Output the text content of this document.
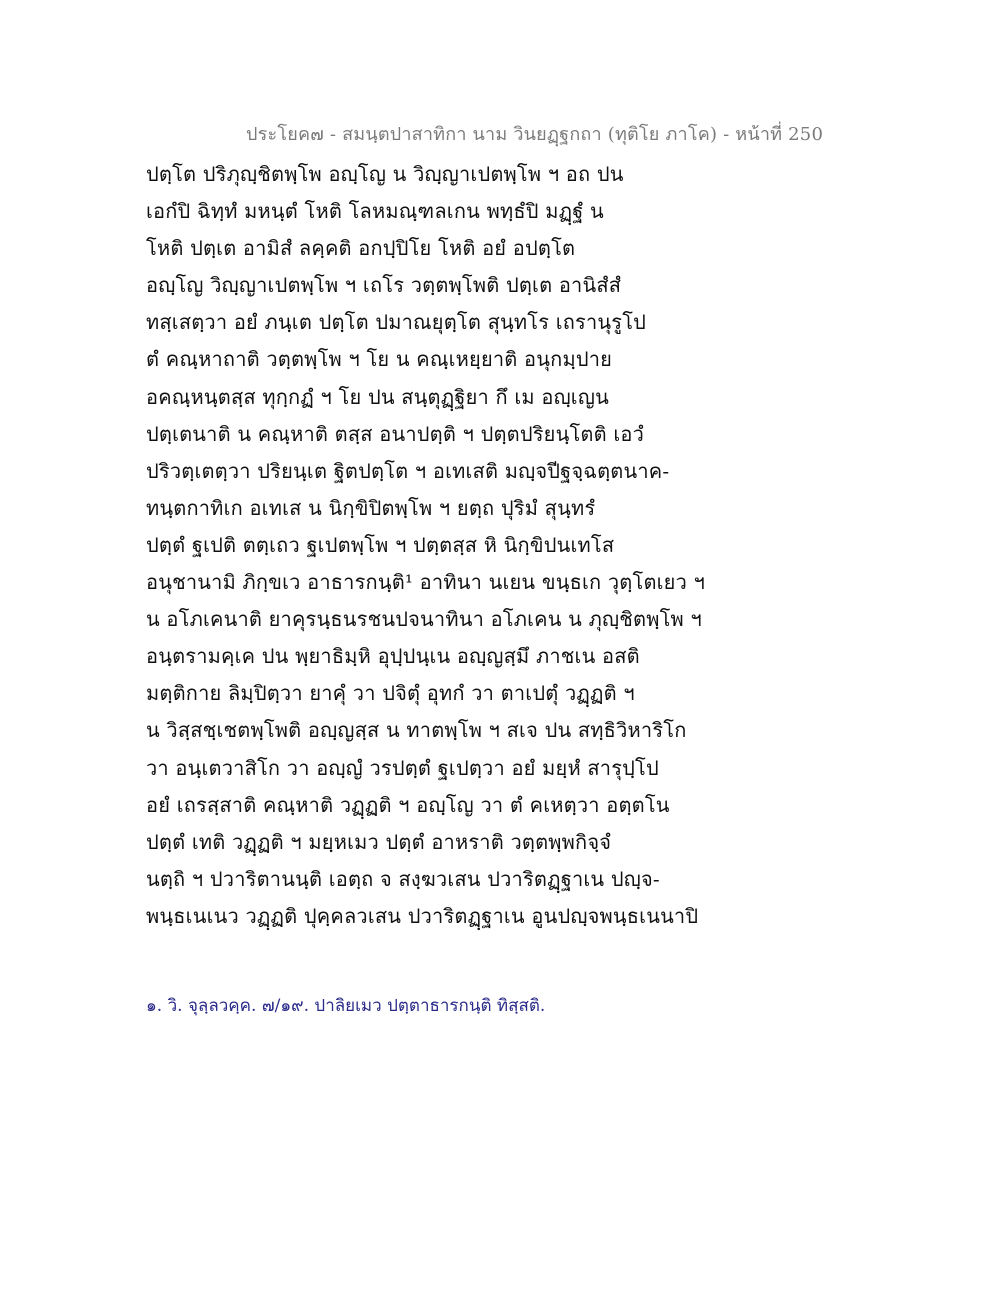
ประโยค๗ - สมนฺตปาสาทิกา นาม วินยฏฺฐกถา (ทุติโย ภาโค) - หน้าที่ 250
ปตฺโต ปริภุญฺชิตพฺโพ อญฺโญ น วิญฺญาเปตพฺโพ ฯ อถ ปน
เอกํปิ ฉิทฺทํ มหนฺตํ โหติ โลหมณฺฑลเกน พทฺธํปิ มฏฺฐํ น
โหติ ปตฺเต อามิสํ ลคฺคติ อกปฺปิโย โหติ อยํ อปตฺโต
อญฺโญ วิญฺญาเปตพฺโพ ฯ เถโร วตฺตพฺโพติ ปตฺเต อานิสํสํ
ทสฺเสตฺวา อยํ ภนฺเต ปตฺโต ปมาณยุตฺโต สุนฺทโร เถรานุรูโป
ตํ คณฺหาถาติ วตฺตพฺโพ ฯ โย น คณฺเหยฺยาติ อนุกมฺปาย
อคณฺหนฺตสฺส ทุกฺกฏํ ฯ โย ปน สนฺตุฏฺฐิยา กึ เม อญฺเญน
ปตฺเตนาติ น คณฺหาติ ตสฺส อนาปตฺติ ฯ ปตฺตปริยนฺโตติ เอวํ
ปริวตฺเตตฺวา ปริยนฺเต ฐิตปตฺโต ฯ อเทเสติ มญฺจปีฐจฺฉตฺตนาค-
ทนฺตกาทิเก อเทเส น นิกฺขิปิตพฺโพ ฯ ยตฺถ ปุริมํ สุนฺทรํ
ปตฺตํ ฐเปติ ตตฺเถว ฐเปตพฺโพ ฯ ปตฺตสฺส หิ นิกฺขิปนเทโส
อนุชานามิ ภิกฺขเว อาธารกนฺติ¹ อาทินา นเยน ขนฺธเก วุตฺโตเยว ฯ
น อโภเคนาติ ยาคุรนฺธนรชนปจนาทินา อโภเคน น ภุญฺชิตพฺโพ ฯ
อนฺตรามคฺเค ปน พฺยาธิมฺหิ อุปฺปนฺเน อญฺญสฺมึ ภาชเน อสติ
มตฺติกาย ลิมฺปิตฺวา ยาคุํ วา ปจิตุํ อุทกํ วา ตาเปตุํ วฏฺฏติ ฯ
น วิสฺสชฺเชตพฺโพติ อญฺญสฺส น ทาตพฺโพ ฯ สเจ ปน สทฺธิวิหาริโก
วา อนฺเตวาสิโก วา อญฺญํ วรปตฺตํ ฐเปตฺวา อยํ มยฺหํ สารุปฺโป
อยํ เถรสฺสาติ คณฺหาติ วฏฺฏติ ฯ อญฺโญ วา ตํ คเหตฺวา อตฺตโน
ปตฺตํ เทติ วฏฺฏติ ฯ มยฺหเมว ปตฺตํ อาหราติ วตฺตพฺพกิจฺจํ
นตฺถิ ฯ ปวาริตานนฺติ เอตฺถ จ สงฺฆวเสน ปวาริตฏฺฐาเน ปญฺจ-
พนฺธเนเนว วฏฺฏติ ปุคฺคลวเสน ปวาริตฏฺฐาเน อูนปญฺจพนฺธเนนาปิ
๑. วิ. จุลฺลวคฺค. ๗/๑๙. ปาลิยเมว ปตฺตาธารกนฺติ ทิสฺสติ.
